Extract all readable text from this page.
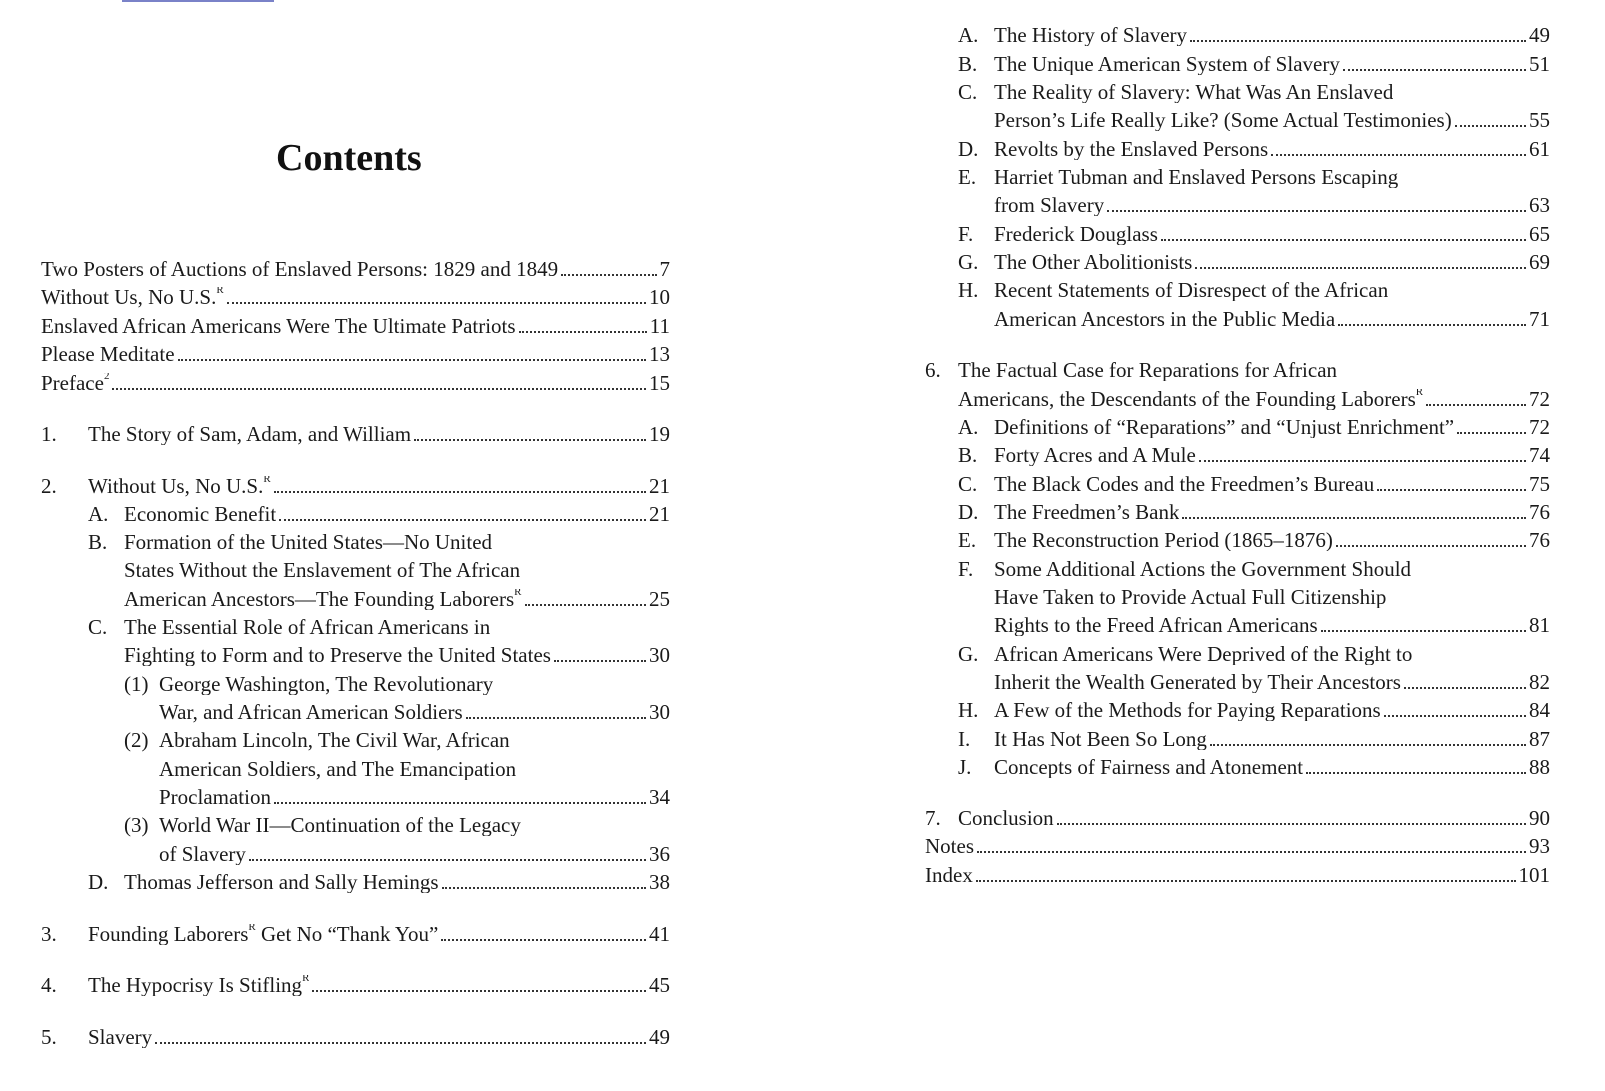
Contents
Two Posters of Auctions of Enslaved Persons: 1829 and 1849	7
Without Us, No U.S.$^R$	10
Enslaved African Americans Were The Ultimate Patriots	11
Please Meditate	13
Preface$^2$	15
1.	The Story of Sam, Adam, and William	19
2.	Without Us, No U.S.$^R$	21
A. Economic Benefit	21
B. Formation of the United States—No United
States Without the Enslavement of The African
American Ancestors—The Founding Laborers$^R$	25
C. The Essential Role of African Americans in
Fighting to Form and to Preserve the United States	30
(1) George Washington, The Revolutionary
War, and African American Soldiers	30
(2) Abraham Lincoln, The Civil War, African
American Soldiers, and The Emancipation
Proclamation	34
(3) World War II—Continuation of the Legacy
of Slavery	36
D. Thomas Jefferson and Sally Hemings	38
3.	Founding Laborers$^R$ Get No “Thank You”	41
4.	The Hypocrisy Is Stifling$^R$	45
5.	Slavery	49
A. The History of Slavery	49
B. The Unique American System of Slavery	51
C. The Reality of Slavery: What Was An Enslaved
Person’s Life Really Like? (Some Actual Testimonies)	55
D. Revolts by the Enslaved Persons	61
E. Harriet Tubman and Enslaved Persons Escaping
from Slavery	63
F. Frederick Douglass	65
G. The Other Abolitionists	69
H. Recent Statements of Disrespect of the African
American Ancestors in the Public Media	71
6. The Factual Case for Reparations for African
Americans, the Descendants of the Founding Laborers$^R$	72
A. Definitions of “Reparations” and “Unjust Enrichment”	72
B. Forty Acres and A Mule	74
C. The Black Codes and the Freedmen’s Bureau	75
D. The Freedmen’s Bank	76
E. The Reconstruction Period (1865–1876)	76
F. Some Additional Actions the Government Should
Have Taken to Provide Actual Full Citizenship
Rights to the Freed African Americans	81
G. African Americans Were Deprived of the Right to
Inherit the Wealth Generated by Their Ancestors	82
H. A Few of the Methods for Paying Reparations	84
I.	It Has Not Been So Long	87
J.	Concepts of Fairness and Atonement	88
7. Conclusion	90
Notes	93
Index	101
